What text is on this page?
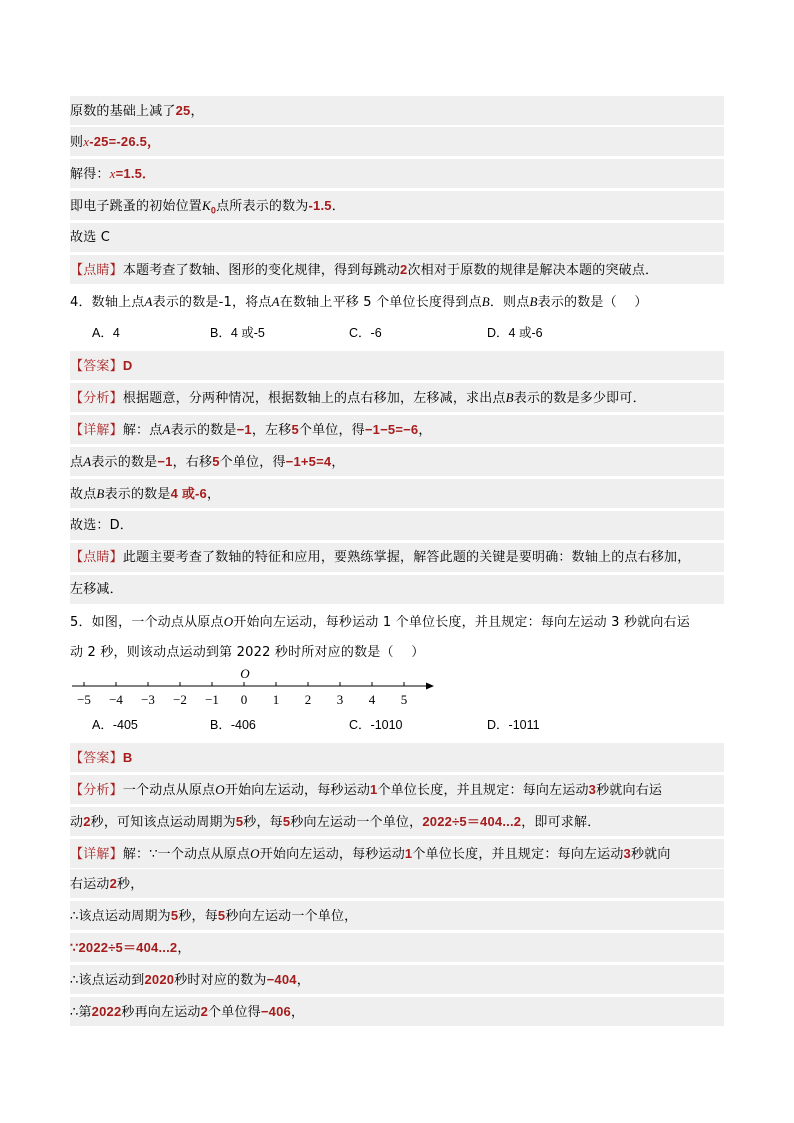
原数的基础上减了25，
则x-25=-26.5，
解得：x=1.5．
即电子跳蚤的初始位置$K_0$点所表示的数为-1.5．
故选 C
【点睛】本题考查了数轴、图形的变化规律，得到每跳动2次相对于原数的规律是解决本题的突破点．
4．数轴上点A表示的数是-1，将点A在数轴上平移 5 个单位长度得到点B．则点B表示的数是（　 ）
A．4	B．4 或-5	C．-6	D．4 或-6
【答案】D
【分析】根据题意，分两种情况，根据数轴上的点右移加，左移减，求出点B表示的数是多少即可．
【详解】解：点A表示的数是−1，左移5个单位，得−1−5=−6，
点A表示的数是−1，右移5个单位，得−1+5=4，
故点B表示的数是4 或-6，
故选：D．
【点睛】此题主要考查了数轴的特征和应用，要熟练掌握，解答此题的关键是要明确：数轴上的点右移加，
左移减．
5．如图，一个动点从原点O开始向左运动，每秒运动 1 个单位长度，并且规定：每向左运动 3 秒就向右运
动 2 秒，则该动点运动到第 2022 秒时所对应的数是（　 ）
−5 −4 −3 −2 −1 0 1 2 3 4 5
O
A．-405	B．-406	C．-1010	D．-1011
【答案】B
【分析】一个动点从原点O开始向左运动，每秒运动1个单位长度，并且规定：每向左运动3秒就向右运
动2秒，可知该点运动周期为5秒，每5秒向左运动一个单位，2022÷5＝404...2，即可求解．
【详解】解：∵一个动点从原点O开始向左运动，每秒运动1个单位长度，并且规定：每向左运动3秒就向
右运动2秒，
∴该点运动周期为5秒，每5秒向左运动一个单位，
∵2022÷5＝404...2，
∴该点运动到2020秒时对应的数为−404，
∴第2022秒再向左运动2个单位得−406，
